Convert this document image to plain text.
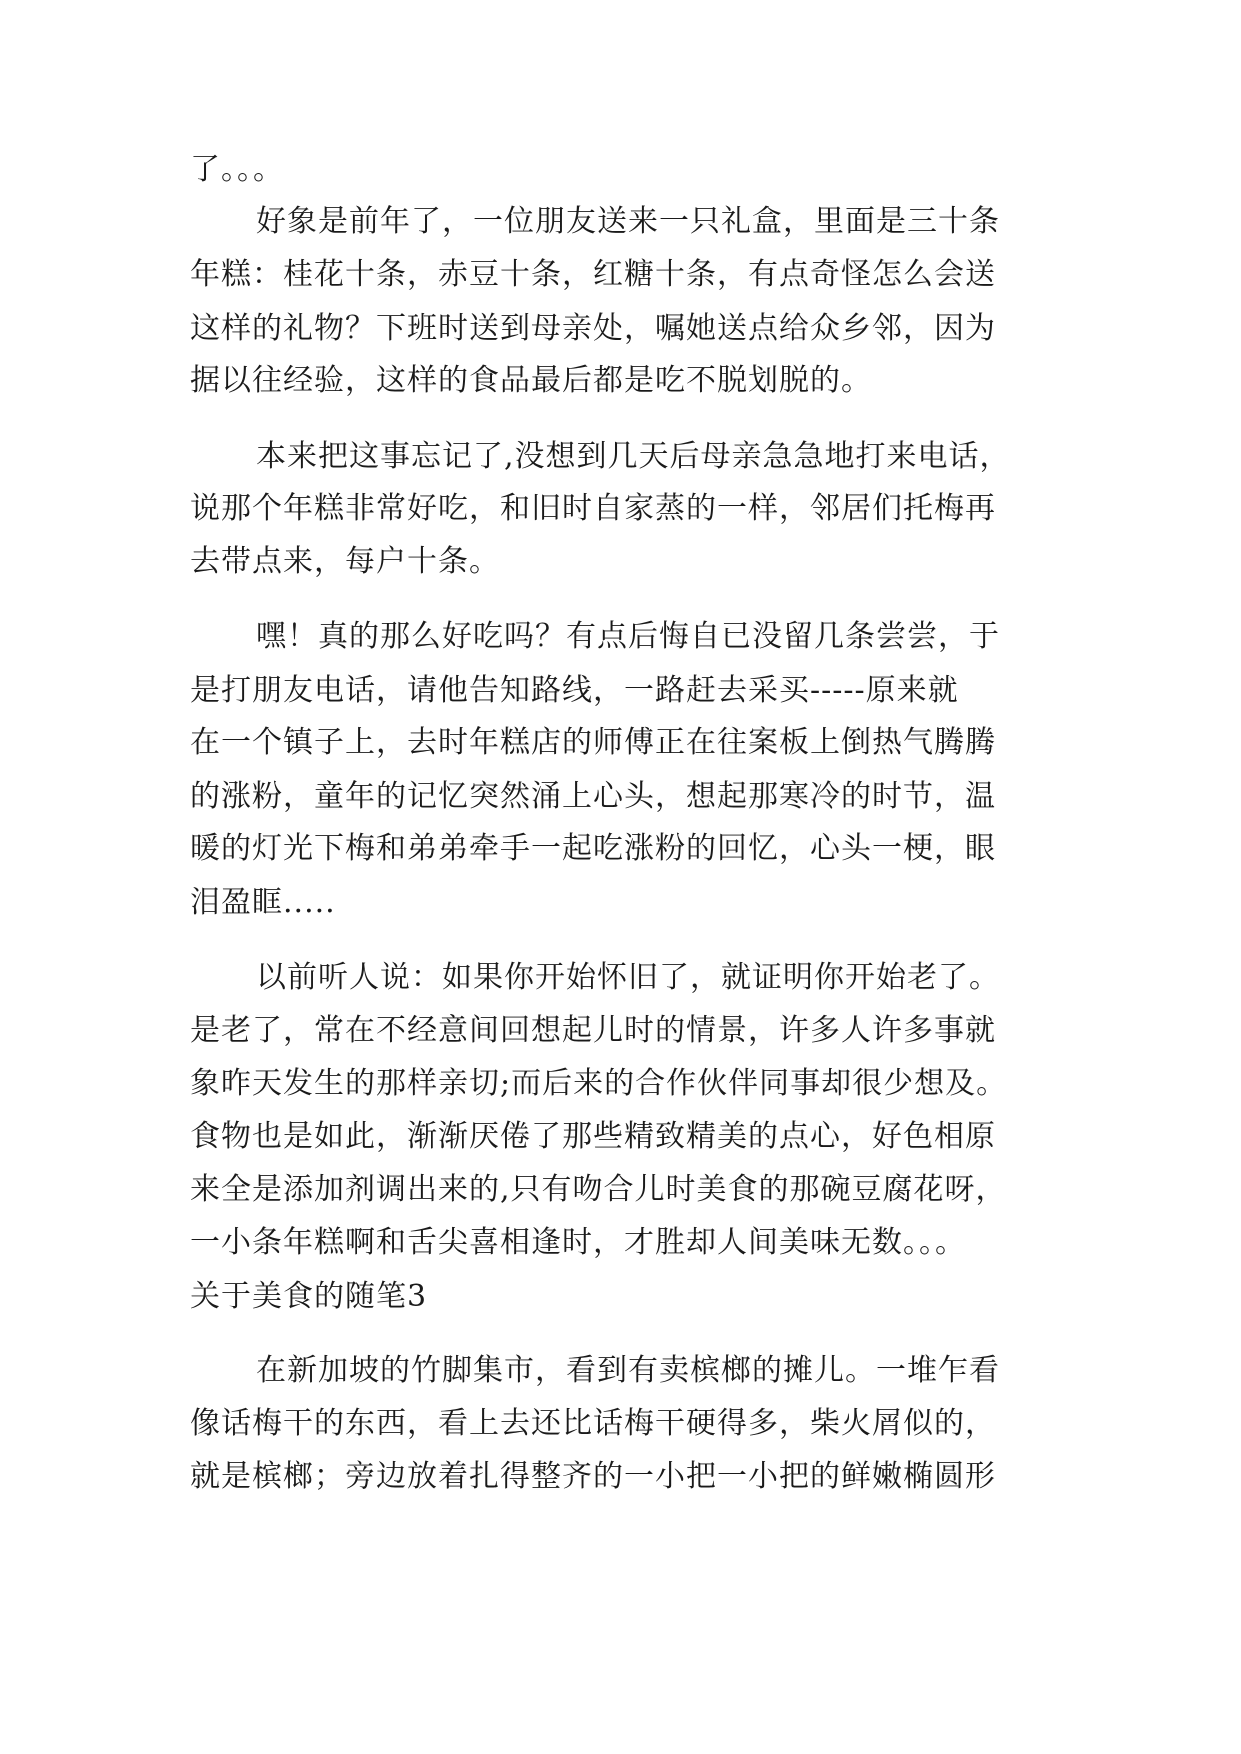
了。。。

好象是前年了，一位朋友送来一只礼盒，里面是三十条

年糕：桂花十条，赤豆十条，红糖十条，有点奇怪怎么会送

这样的礼物？下班时送到母亲处，嘱她送点给众乡邻，因为

据以往经验，这样的食品最后都是吃不脱划脱的。

本来把这事忘记了,没想到几天后母亲急急地打来电话，

说那个年糕非常好吃，和旧时自家蒸的一样，邻居们托梅再

去带点来，每户十条。

嘿！真的那么好吃吗？有点后悔自已没留几条尝尝，于

是打朋友电话，请他告知路线，一路赶去采买-----原来就

在一个镇子上，去时年糕店的师傅正在往案板上倒热气腾腾

的涨粉，童年的记忆突然涌上心头，想起那寒冷的时节，温

暖的灯光下梅和弟弟牵手一起吃涨粉的回忆，心头一梗，眼

泪盈眶.....

以前听人说：如果你开始怀旧了，就证明你开始老了。

是老了，常在不经意间回想起儿时的情景，许多人许多事就

象昨天发生的那样亲切;而后来的合作伙伴同事却很少想及。

食物也是如此，渐渐厌倦了那些精致精美的点心，好色相原

来全是添加剂调出来的,只有吻合儿时美食的那碗豆腐花呀，

一小条年糕啊和舌尖喜相逢时，才胜却人间美味无数。。。

关于美食的随笔3

在新加坡的竹脚集市，看到有卖槟榔的摊儿。一堆乍看

像话梅干的东西，看上去还比话梅干硬得多，柴火屑似的，

就是槟榔；旁边放着扎得整齐的一小把一小把的鲜嫩椭圆形
